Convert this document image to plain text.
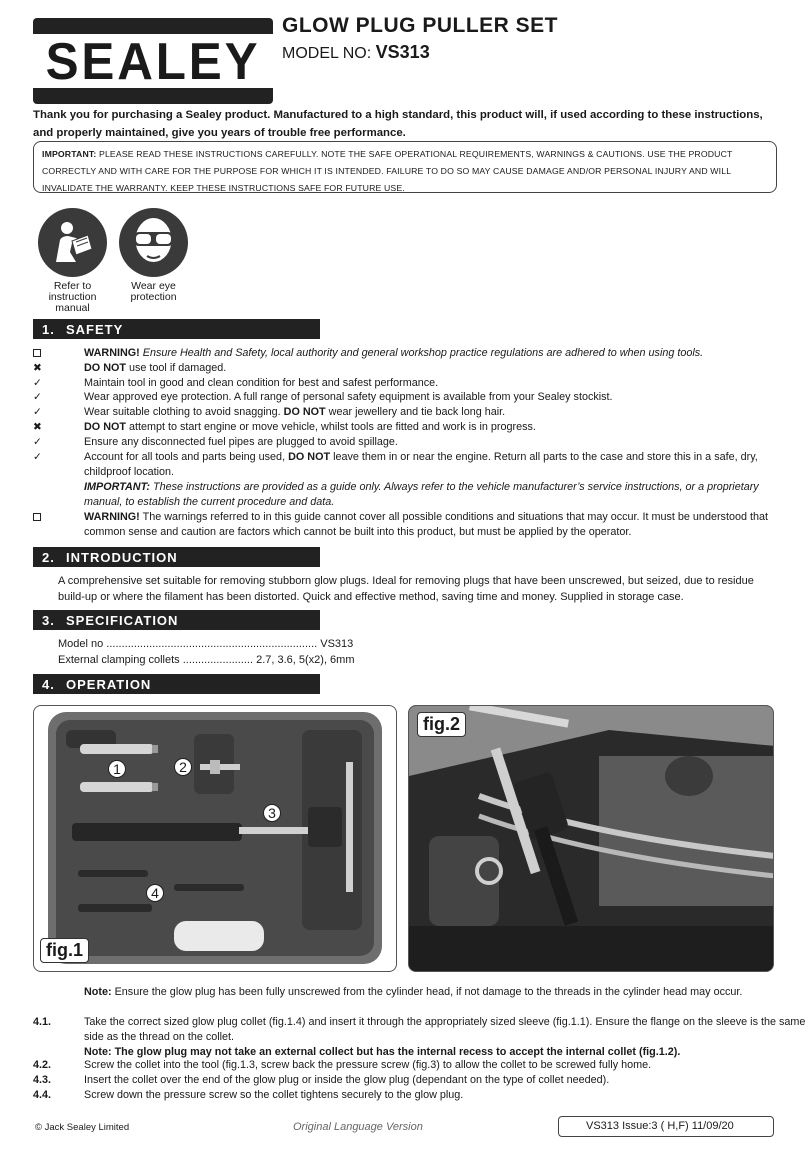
SEALEY
GLOW PLUG PULLER SET
MODEL NO: VS313
Thank you for purchasing a Sealey product. Manufactured to a high standard, this product will, if used according to these instructions, and properly maintained, give you years of trouble free performance.
IMPORTANT: PLEASE READ THESE INSTRUCTIONS CAREFULLY. NOTE THE SAFE OPERATIONAL REQUIREMENTS, WARNINGS & CAUTIONS. USE THE PRODUCT CORRECTLY AND WITH CARE FOR THE PURPOSE FOR WHICH IT IS INTENDED. FAILURE TO DO SO MAY CAUSE DAMAGE AND/OR PERSONAL INJURY AND WILL INVALIDATE THE WARRANTY. KEEP THESE INSTRUCTIONS SAFE FOR FUTURE USE.
Refer to instruction manual
Wear eye protection
1. SAFETY
WARNING! Ensure Health and Safety, local authority and general workshop practice regulations are adhered to when using tools.
✖	DO NOT use tool if damaged.
✓	Maintain tool in good and clean condition for best and safest performance.
✓	Wear approved eye protection. A full range of personal safety equipment is available from your Sealey stockist.
✓	Wear suitable clothing to avoid snagging. DO NOT wear jewellery and tie back long hair.
✖	DO NOT attempt to start engine or move vehicle, whilst tools are fitted and work is in progress.
✓	Ensure any disconnected fuel pipes are plugged to avoid spillage.
✓	Account for all tools and parts being used, DO NOT leave them in or near the engine. Return all parts to the case and store this in a safe, dry, childproof location.
IMPORTANT: These instructions are provided as a guide only. Always refer to the vehicle manufacturer’s service instructions, or a proprietary manual, to establish the current procedure and data.
WARNING! The warnings referred to in this guide cannot cover all possible conditions and situations that may occur. It must be understood that common sense and caution are factors which cannot be built into this product, but must be applied by the operator.
2. INTRODUCTION
A comprehensive set suitable for removing stubborn glow plugs. Ideal for removing plugs that have been unscrewed, but seized, due to residue build-up or where the filament has been distorted. Quick and effective method, saving time and money. Supplied in storage case.
3. SPECIFICATION
Model no ..................................................................... VS313
External clamping collets ....................... 2.7, 3.6, 5(x2), 6mm
4. OPERATION
1	2
3
4
fig.1
fig.2
Note: Ensure the glow plug has been fully unscrewed from the cylinder head, if not damage to the threads in the cylinder head may occur.
4.1.	Take the correct sized glow plug collet (fig.1.4) and insert it through the appropriately sized sleeve (fig.1.1). Ensure the flange on the sleeve is the same side as the thread on the collet.
Note: The glow plug may not take an external collect but has the internal recess to accept the internal collet (fig.1.2).
4.2.	Screw the collet into the tool (fig.1.3, screw back the pressure screw (fig.3) to allow the collet to be screwed fully home.
4.3.	Insert the collet over the end of the glow plug or inside the glow plug (dependant on the type of collet needed).
4.4.	Screw down the pressure screw so the collet tightens securely to the glow plug.
© Jack Sealey Limited	Original Language Version	VS313 Issue:3 ( H,F) 11/09/20
